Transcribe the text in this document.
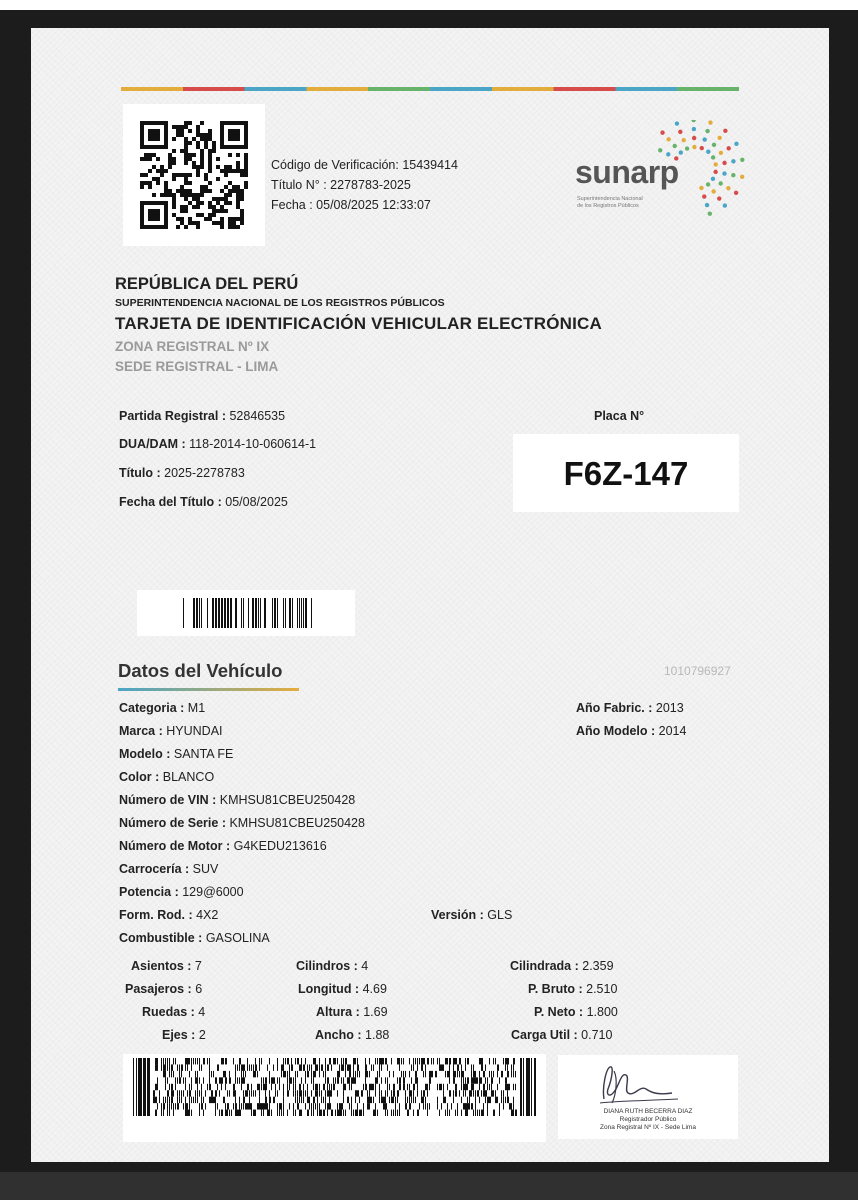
Código de Verificación: 15439414
Título N° : 2278783-2025
Fecha : 05/08/2025 12:33:07
sunarp
Superintendencia Nacional
de los Registros Públicos
REPÚBLICA DEL PERÚ
SUPERINTENDENCIA NACIONAL DE LOS REGISTROS PÚBLICOS
TARJETA DE IDENTIFICACIÓN VEHICULAR ELECTRÓNICA
ZONA REGISTRAL Nº IX
SEDE REGISTRAL - LIMA
Partida Registral : 52846535
DUA/DAM : 118-2014-10-060614-1
Título : 2025-2278783
Fecha del Título : 05/08/2025
Placa N°
F6Z-147
Datos del Vehículo	1010796927
Categoria : M1
Marca : HYUNDAI
Modelo : SANTA FE
Color : BLANCO
Número de VIN : KMHSU81CBEU250428
Número de Serie : KMHSU81CBEU250428
Número de Motor : G4KEDU213616
Carrocería : SUV
Potencia : 129@6000
Form. Rod. : 4X2
Combustible : GASOLINA
Versión : GLS
Año Fabric. : 2013
Año Modelo : 2014
Asientos : 7
Pasajeros : 6
Ruedas : 4
Ejes : 2
Cilindros : 4
Longitud : 4.69
Altura : 1.69
Ancho : 1.88
Cilindrada : 2.359
P. Bruto : 2.510
P. Neto : 1.800
Carga Util : 0.710
DIANA RUTH BECERRA DIAZ
Registrador Público
Zona Registral Nº IX - Sede Lima
